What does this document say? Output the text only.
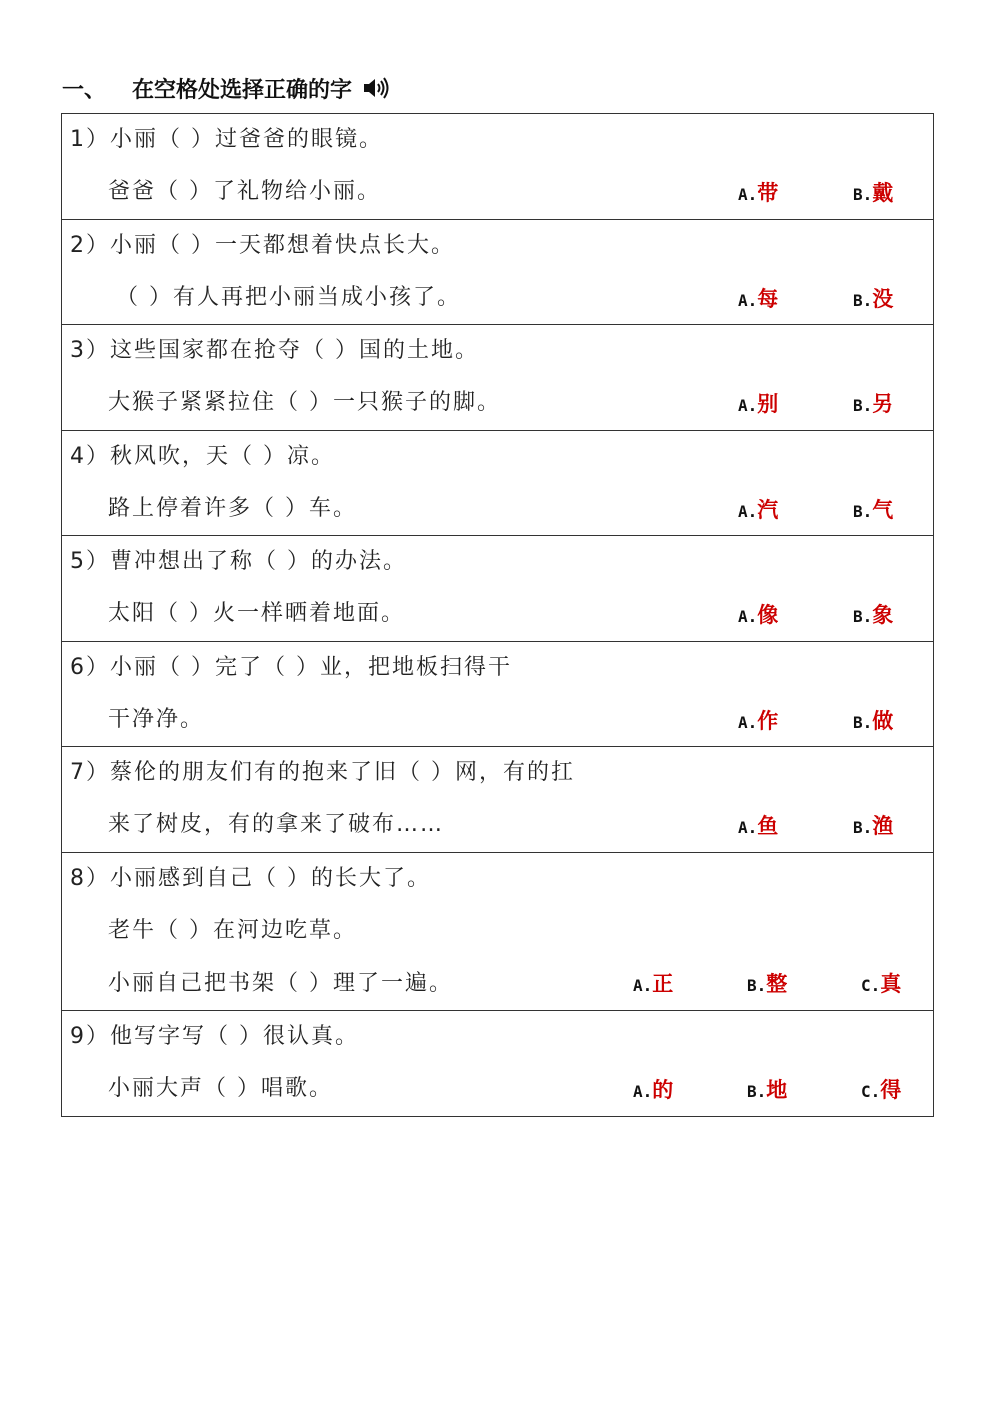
一、 在空格处选择正确的字
1）小丽（ ）过爸爸的眼镜。
爸爸（ ）了礼物给小丽。	A.带	B.戴
2）小丽（ ）一天都想着快点长大。
（ ）有人再把小丽当成小孩了。	A.每	B.没
3）这些国家都在抢夺（ ）国的土地。
大猴子紧紧拉住（ ）一只猴子的脚。	A.别	B.另
4）秋风吹，天（ ）凉。
路上停着许多（ ）车。	A.汽	B.气
5）曹冲想出了称（ ）的办法。
太阳（ ）火一样晒着地面。	A.像	B.象
6）小丽（ ）完了（ ）业，把地板扫得干
干净净。	A.作	B.做
7）蔡伦的朋友们有的抱来了旧（ ）网，有的扛
来了树皮，有的拿来了破布……	A.鱼	B.渔
8）小丽感到自己（ ）的长大了。
老牛（ ）在河边吃草。
小丽自己把书架（ ）理了一遍。	A.正	B.整	C.真
9）他写字写（ ）很认真。
小丽大声（ ）唱歌。	A.的	B.地	C.得
